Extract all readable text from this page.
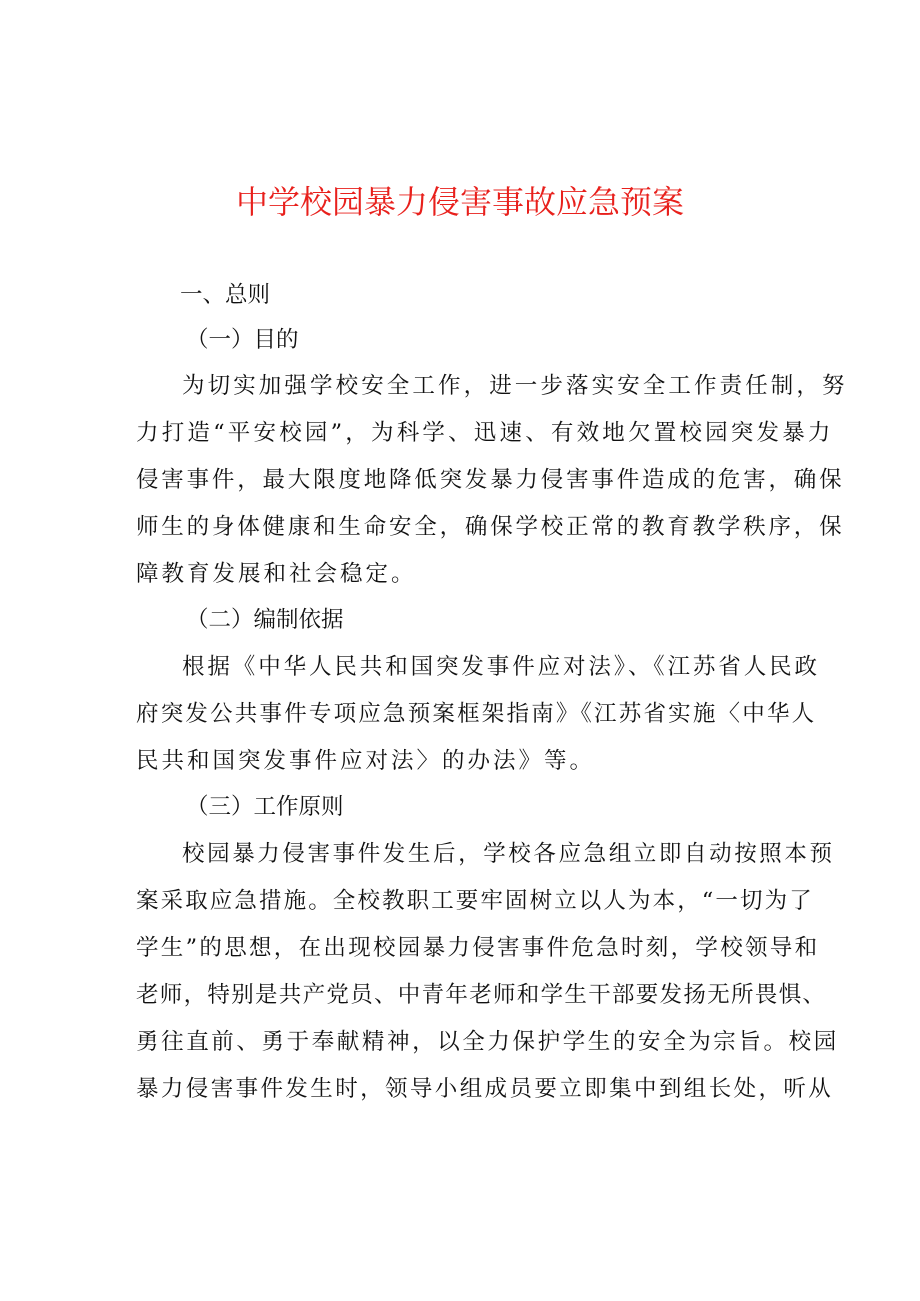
中学校园暴力侵害事故应急预案
一、总则
（一）目的
为切实加强学校安全工作，进一步落实安全工作责任制，努
力打造“平安校园”，为科学、迅速、有效地欠置校园突发暴力
侵害事件，最大限度地降低突发暴力侵害事件造成的危害，确保
师生的身体健康和生命安全，确保学校正常的教育教学秩序，保
障教育发展和社会稳定。
（二）编制依据
根据《中华人民共和国突发事件应对法》、《江苏省人民政
府突发公共事件专项应急预案框架指南》《江苏省实施〈中华人
民共和国突发事件应对法〉的办法》等。
（三）工作原则
校园暴力侵害事件发生后，学校各应急组立即自动按照本预
案采取应急措施。全校教职工要牢固树立以人为本，“一切为了
学生”的思想，在出现校园暴力侵害事件危急时刻，学校领导和
老师，特别是共产党员、中青年老师和学生干部要发扬无所畏惧、
勇往直前、勇于奉献精神，以全力保护学生的安全为宗旨。校园
暴力侵害事件发生时，领导小组成员要立即集中到组长处，听从
